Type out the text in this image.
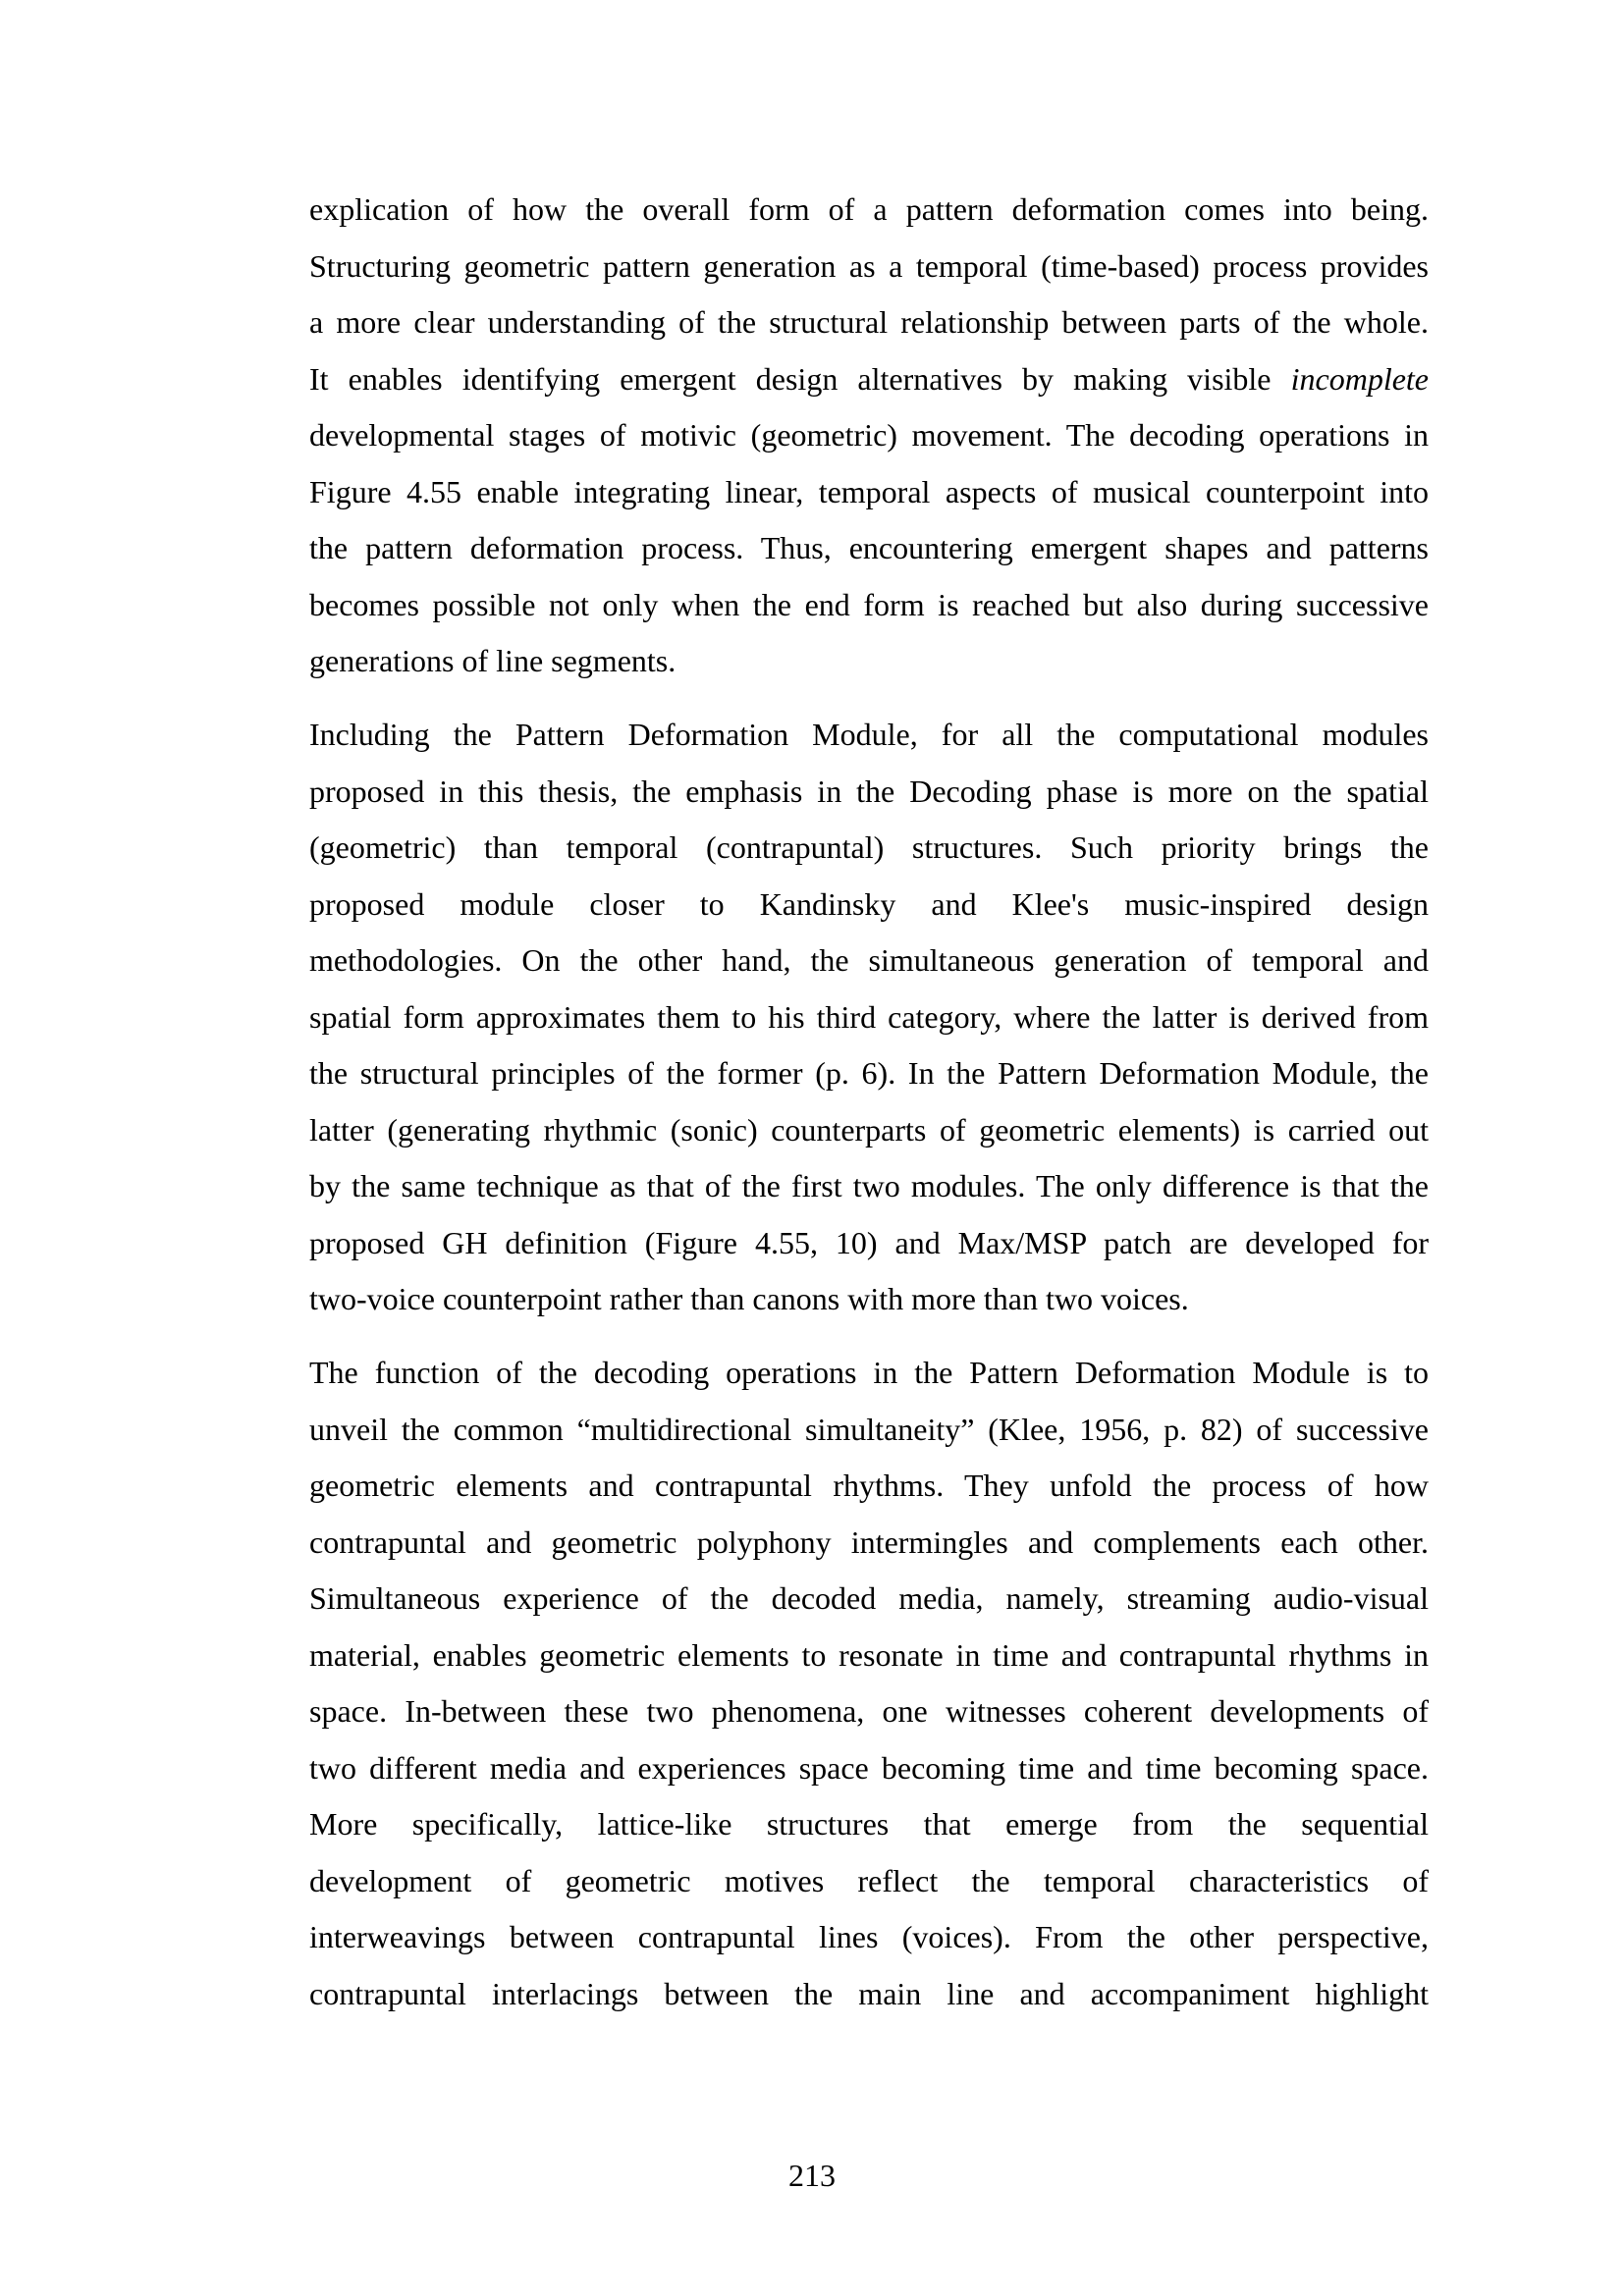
explication of how the overall form of a pattern deformation comes into being.
Structuring geometric pattern generation as a temporal (time-based) process provides
a more clear understanding of the structural relationship between parts of the whole.
It enables identifying emergent design alternatives by making visible incomplete
developmental stages of motivic (geometric) movement. The decoding operations in
Figure 4.55 enable integrating linear, temporal aspects of musical counterpoint into
the pattern deformation process. Thus, encountering emergent shapes and patterns
becomes possible not only when the end form is reached but also during successive
generations of line segments.
Including the Pattern Deformation Module, for all the computational modules
proposed in this thesis, the emphasis in the Decoding phase is more on the spatial
(geometric) than temporal (contrapuntal) structures. Such priority brings the
proposed module closer to Kandinsky and Klee's music-inspired design
methodologies. On the other hand, the simultaneous generation of temporal and
spatial form approximates them to his third category, where the latter is derived from
the structural principles of the former (p. 6). In the Pattern Deformation Module, the
latter (generating rhythmic (sonic) counterparts of geometric elements) is carried out
by the same technique as that of the first two modules. The only difference is that the
proposed GH definition (Figure 4.55, 10) and Max/MSP patch are developed for
two-voice counterpoint rather than canons with more than two voices.
The function of the decoding operations in the Pattern Deformation Module is to
unveil the common “multidirectional simultaneity” (Klee, 1956, p. 82) of successive
geometric elements and contrapuntal rhythms. They unfold the process of how
contrapuntal and geometric polyphony intermingles and complements each other.
Simultaneous experience of the decoded media, namely, streaming audio-visual
material, enables geometric elements to resonate in time and contrapuntal rhythms in
space. In-between these two phenomena, one witnesses coherent developments of
two different media and experiences space becoming time and time becoming space.
More specifically, lattice-like structures that emerge from the sequential
development of geometric motives reflect the temporal characteristics of
interweavings between contrapuntal lines (voices). From the other perspective,
contrapuntal interlacings between the main line and accompaniment highlight
213
